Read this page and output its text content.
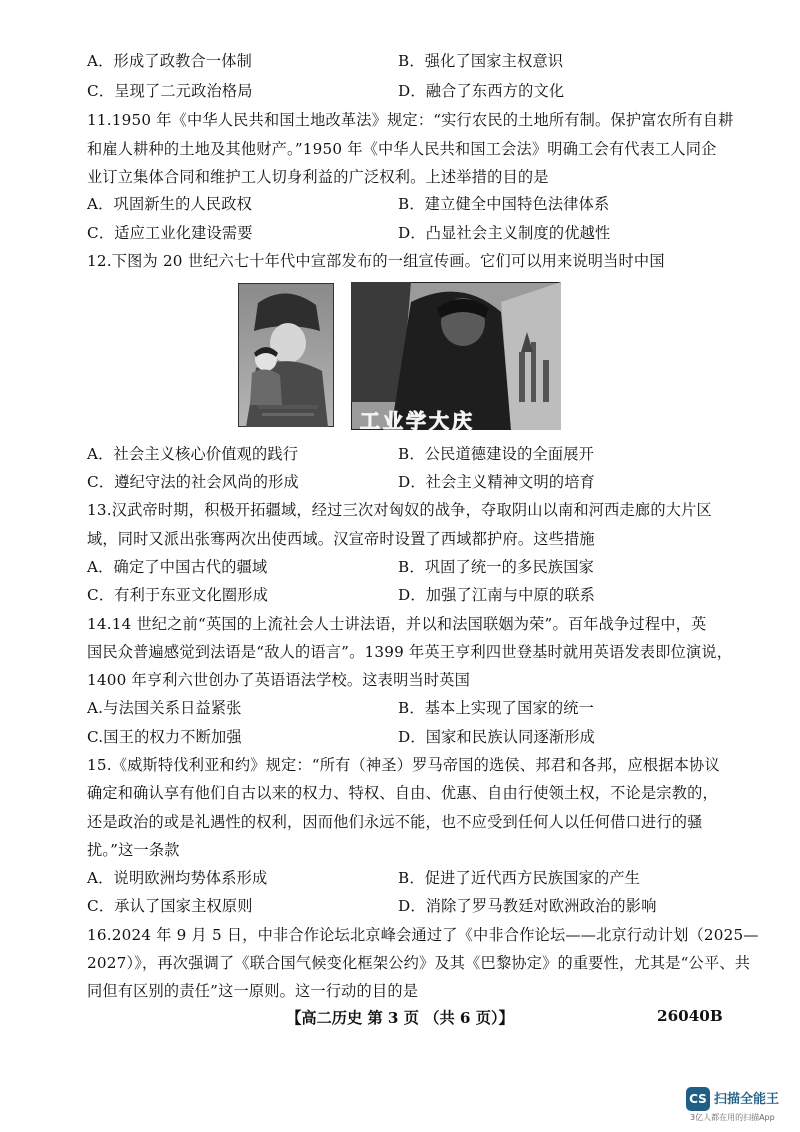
A．形成了政教合一体制	B．强化了国家主权意识
C．呈现了二元政治格局	D．融合了东西方的文化
11.1950 年《中华人民共和国土地改革法》规定：“实行农民的土地所有制。保护富农所有自耕
和雇人耕种的土地及其他财产。”1950 年《中华人民共和国工会法》明确工会有代表工人同企
业订立集体合同和维护工人切身利益的广泛权利。上述举措的目的是
A．巩固新生的人民政权	B．建立健全中国特色法律体系
C．适应工业化建设需要	D．凸显社会主义制度的优越性
12.下图为 20 世纪六七十年代中宣部发布的一组宣传画。它们可以用来说明当时中国
工业学大庆
A．社会主义核心价值观的践行	B．公民道德建设的全面展开
C．遵纪守法的社会风尚的形成	D．社会主义精神文明的培育
13.汉武帝时期，积极开拓疆域，经过三次对匈奴的战争，夺取阴山以南和河西走廊的大片区
域，同时又派出张骞两次出使西域。汉宣帝时设置了西域都护府。这些措施
A．确定了中国古代的疆域	B．巩固了统一的多民族国家
C．有利于东亚文化圈形成	D．加强了江南与中原的联系
14.14 世纪之前“英国的上流社会人士讲法语，并以和法国联姻为荣”。百年战争过程中，英
国民众普遍感觉到法语是“敌人的语言”。1399 年英王亨利四世登基时就用英语发表即位演说，
1400 年亨利六世创办了英语语法学校。这表明当时英国
A.与法国关系日益紧张	B．基本上实现了国家的统一
C.国王的权力不断加强	D．国家和民族认同逐渐形成
15.《威斯特伐利亚和约》规定：“所有（神圣）罗马帝国的选侯、邦君和各邦，应根据本协议
确定和确认享有他们自古以来的权力、特权、自由、优惠、自由行使领土权，不论是宗教的，
还是政治的或是礼遇性的权利，因而他们永远不能，也不应受到任何人以任何借口进行的骚
扰。”这一条款
A．说明欧洲均势体系形成	B．促进了近代西方民族国家的产生
C．承认了国家主权原则	D．消除了罗马教廷对欧洲政治的影响
16.2024 年 9 月 5 日，中非合作论坛北京峰会通过了《中非合作论坛——北京行动计划（2025—
2027）》，再次强调了《联合国气候变化框架公约》及其《巴黎协定》的重要性，尤其是“公平、共
同但有区别的责任”这一原则。这一行动的目的是
【高二历史 第 3 页 （共 6 页）】	26040B
CS 扫描全能王
3亿人都在用的扫描App
